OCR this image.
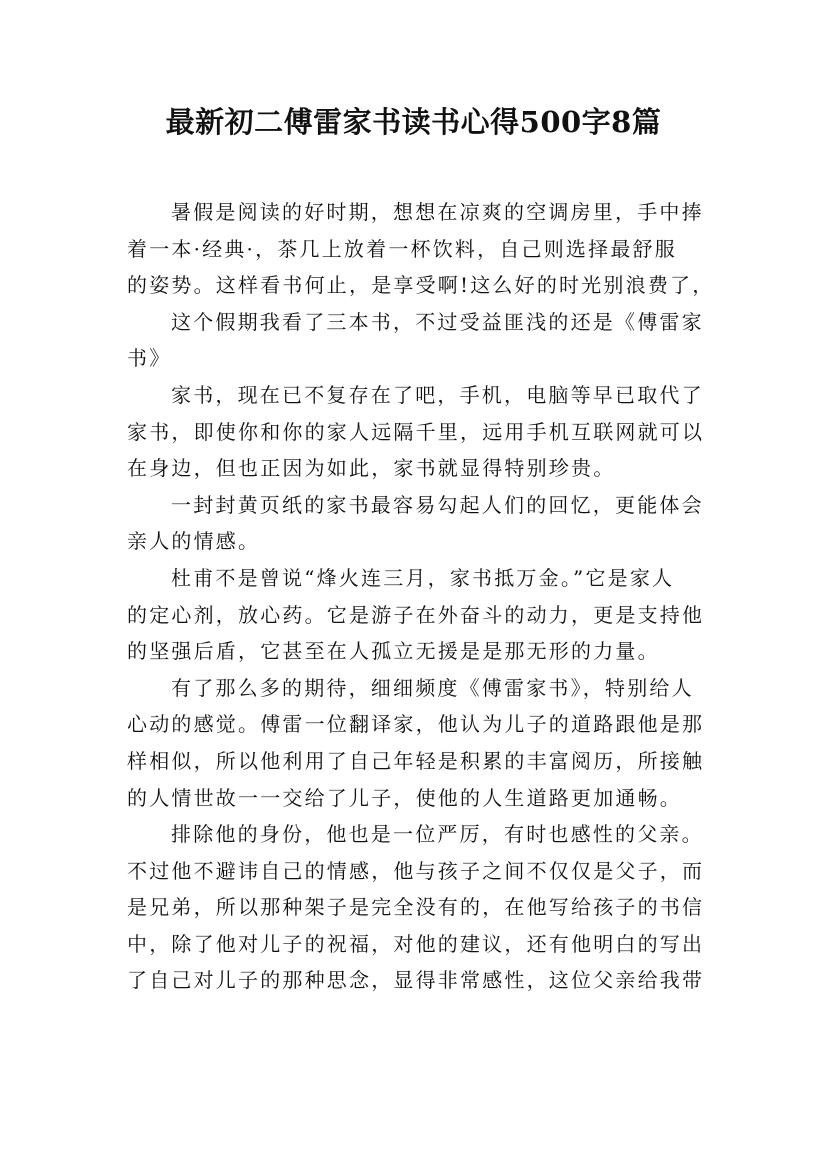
最新初二傅雷家书读书心得500字8篇

暑假是阅读的好时期，想想在凉爽的空调房里，手中捧
着一本·经典·，茶几上放着一杯饮料，自己则选择最舒服
的姿势。这样看书何止，是享受啊!这么好的时光别浪费了，

这个假期我看了三本书，不过受益匪浅的还是《傅雷家
书》

家书，现在已不复存在了吧，手机，电脑等早已取代了
家书，即使你和你的家人远隔千里，远用手机互联网就可以
在身边，但也正因为如此，家书就显得特别珍贵。

一封封黄页纸的家书最容易勾起人们的回忆，更能体会
亲人的情感。

杜甫不是曾说“烽火连三月，家书抵万金。”它是家人
的定心剂，放心药。它是游子在外奋斗的动力，更是支持他
的坚强后盾，它甚至在人孤立无援是是那无形的力量。

有了那么多的期待，细细频度《傅雷家书》，特别给人
心动的感觉。傅雷一位翻译家，他认为儿子的道路跟他是那
样相似，所以他利用了自己年轻是积累的丰富阅历，所接触
的人情世故一一交给了儿子，使他的人生道路更加通畅。

排除他的身份，他也是一位严厉，有时也感性的父亲。
不过他不避讳自己的情感，他与孩子之间不仅仅是父子，而
是兄弟，所以那种架子是完全没有的，在他写给孩子的书信
中，除了他对儿子的祝福，对他的建议，还有他明白的写出
了自己对儿子的那种思念，显得非常感性，这位父亲给我带
